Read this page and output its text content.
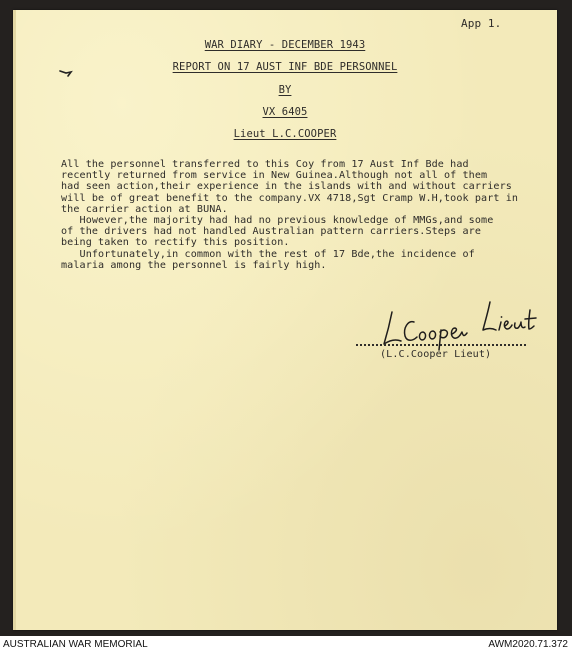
App 1.
WAR DIARY - DECEMBER 1943
REPORT ON 17 AUST INF BDE PERSONNEL
BY
VX 6405
Lieut L.C.COOPER
All the personnel transferred to this Coy from 17 Aust Inf Bde had
recently returned from service in New Guinea.Although not all of them
had seen action,their experience in the islands with and without carriers
will be of great benefit to the company.VX 4718,Sgt Cramp W.H,took part in
the carrier action at BUNA.
However,the majority had had no previous knowledge of MMGs,and some
of the drivers had not handled Australian pattern carriers.Steps are
being taken to rectify this position.
Unfortunately,in common with the rest of 17 Bde,the incidence of
malaria among the personnel is fairly high.
(L.C.Cooper Lieut)
AUSTRALIAN WAR MEMORIAL	AWM2020.71.372
